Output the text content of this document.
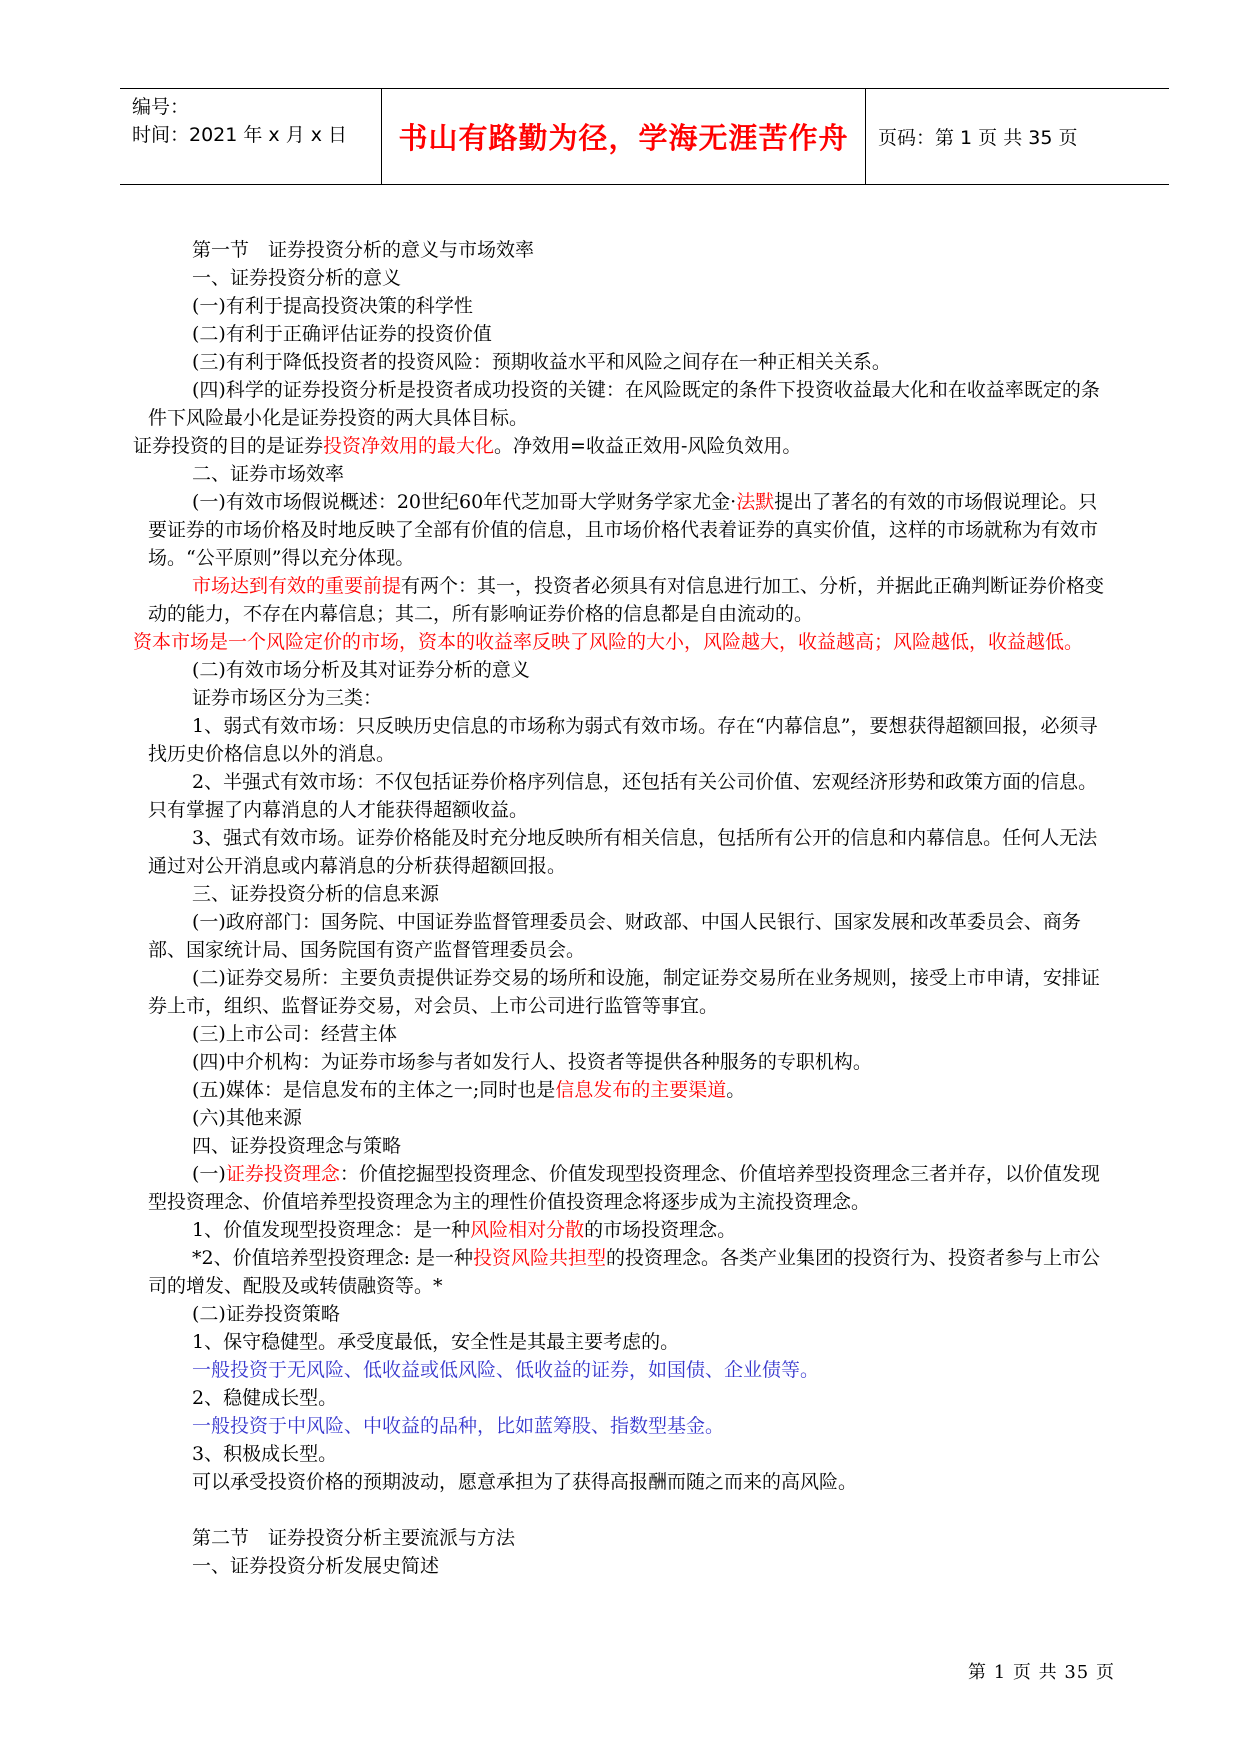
编号：
时间：2021 年 x 月 x 日	书山有路勤为径，学海无涯苦作舟	页码：第 1 页 共 35 页

第一节　证券投资分析的意义与市场效率

一、证券投资分析的意义

(一)有利于提高投资决策的科学性

(二)有利于正确评估证券的投资价值

(三)有利于降低投资者的投资风险：预期收益水平和风险之间存在一种正相关关系。

(四)科学的证券投资分析是投资者成功投资的关键：在风险既定的条件下投资收益最大化和在收益率既定的条件下风险最小化是证券投资的两大具体目标。

证券投资的目的是证券投资净效用的最大化。净效用=收益正效用-风险负效用。

二、证券市场效率

(一)有效市场假说概述：20世纪60年代芝加哥大学财务学家尤金·法默提出了著名的有效的市场假说理论。只要证券的市场价格及时地反映了全部有价值的信息，且市场价格代表着证券的真实价值，这样的市场就称为有效市场。“公平原则”得以充分体现。

市场达到有效的重要前提有两个：其一，投资者必须具有对信息进行加工、分析，并据此正确判断证券价格变动的能力，不存在内幕信息；其二，所有影响证券价格的信息都是自由流动的。

资本市场是一个风险定价的市场，资本的收益率反映了风险的大小，风险越大，收益越高；风险越低，收益越低。

(二)有效市场分析及其对证券分析的意义

证券市场区分为三类：

1、弱式有效市场：只反映历史信息的市场称为弱式有效市场。存在“内幕信息”，要想获得超额回报，必须寻找历史价格信息以外的消息。

2、半强式有效市场：不仅包括证券价格序列信息，还包括有关公司价值、宏观经济形势和政策方面的信息。只有掌握了内幕消息的人才能获得超额收益。

3、强式有效市场。证券价格能及时充分地反映所有相关信息，包括所有公开的信息和内幕信息。任何人无法通过对公开消息或内幕消息的分析获得超额回报。

三、证券投资分析的信息来源

(一)政府部门：国务院、中国证券监督管理委员会、财政部、中国人民银行、国家发展和改革委员会、商务部、国家统计局、国务院国有资产监督管理委员会。

(二)证券交易所：主要负责提供证券交易的场所和设施，制定证券交易所在业务规则，接受上市申请，安排证券上市，组织、监督证券交易，对会员、上市公司进行监管等事宜。

(三)上市公司：经营主体

(四)中介机构：为证券市场参与者如发行人、投资者等提供各种服务的专职机构。

(五)媒体：是信息发布的主体之一;同时也是信息发布的主要渠道。

(六)其他来源

四、证券投资理念与策略

(一)证券投资理念：价值挖掘型投资理念、价值发现型投资理念、价值培养型投资理念三者并存，以价值发现型投资理念、价值培养型投资理念为主的理性价值投资理念将逐步成为主流投资理念。

1、价值发现型投资理念：是一种风险相对分散的市场投资理念。

*2、价值培养型投资理念: 是一种投资风险共担型的投资理念。各类产业集团的投资行为、投资者参与上市公司的增发、配股及或转债融资等。*

(二)证券投资策略

1、保守稳健型。承受度最低，安全性是其最主要考虑的。

一般投资于无风险、低收益或低风险、低收益的证券，如国债、企业债等。

2、稳健成长型。

一般投资于中风险、中收益的品种，比如蓝筹股、指数型基金。

3、积极成长型。

可以承受投资价格的预期波动，愿意承担为了获得高报酬而随之而来的高风险。

第二节　证券投资分析主要流派与方法

一、证券投资分析发展史简述

第 1 页 共 35 页
